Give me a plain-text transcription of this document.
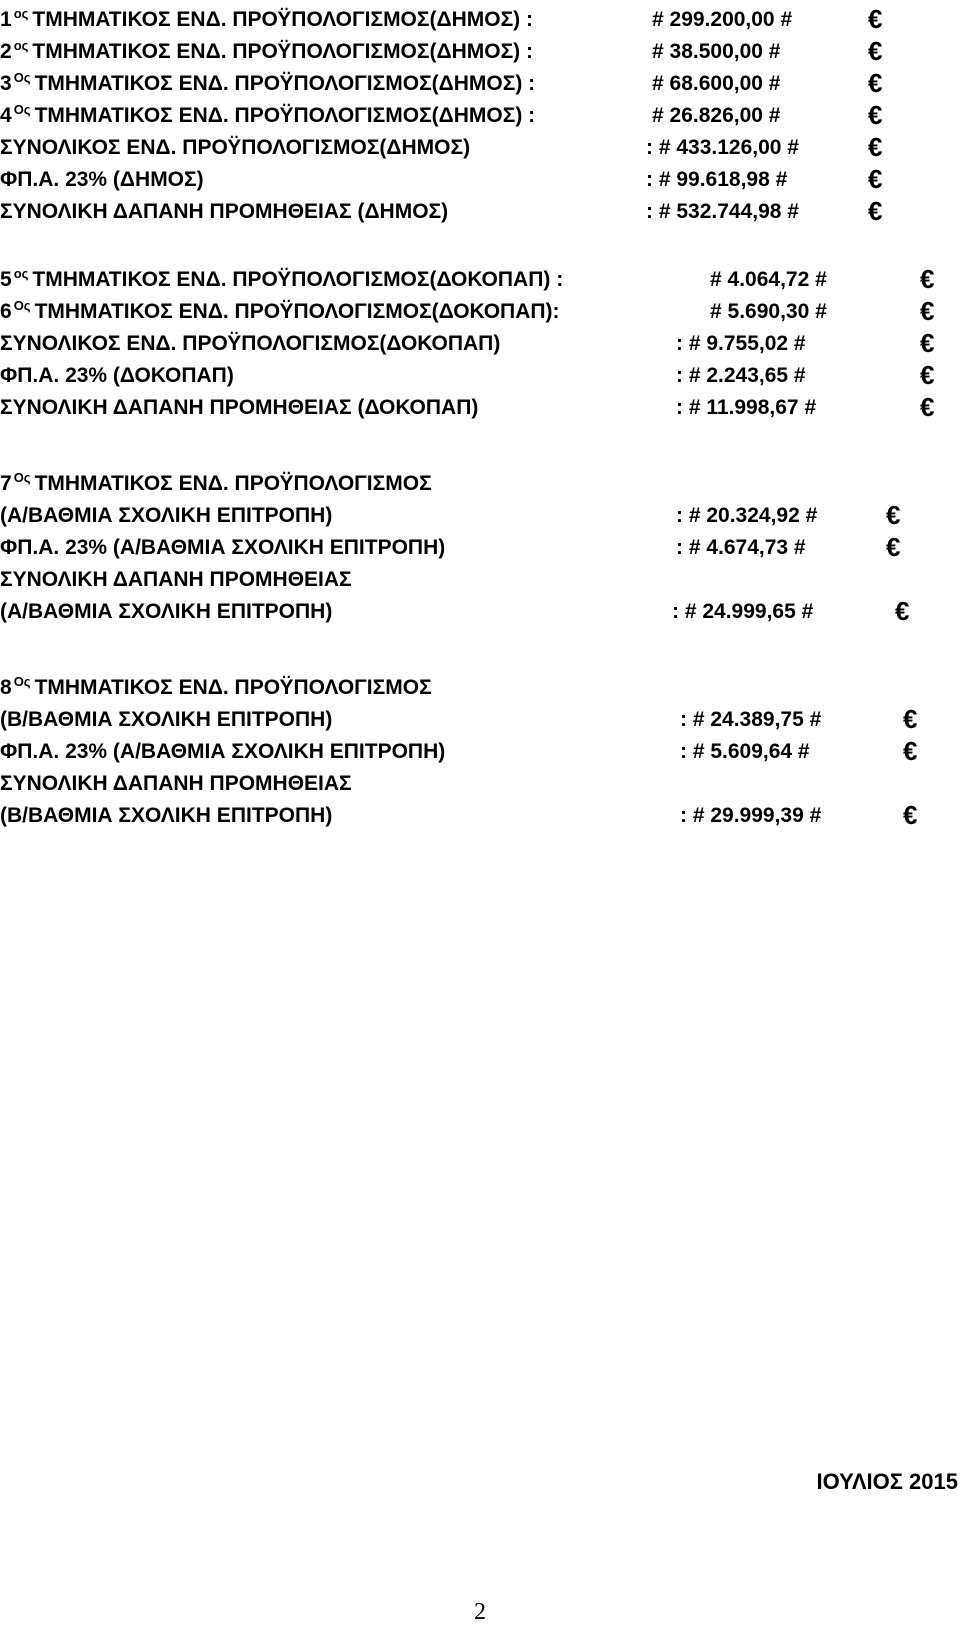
1 $^{o\varsigma}$ ΤΜΗΜΑΤΙΚΟΣ ΕΝΔ. ΠΡΟΫΠΟΛΟΓΙΣΜΟΣ(ΔΗΜΟΣ) :	# 299.200,00 #	€
2 $^{o\varsigma}$ ΤΜΗΜΑΤΙΚΟΣ ΕΝΔ. ΠΡΟΫΠΟΛΟΓΙΣΜΟΣ(ΔΗΜΟΣ) :	# 38.500,00 #	€
3 $^{O\varsigma}$ ΤΜΗΜΑΤΙΚΟΣ ΕΝΔ. ΠΡΟΫΠΟΛΟΓΙΣΜΟΣ(ΔΗΜΟΣ) :	# 68.600,00 #	€
4 $^{O\varsigma}$ ΤΜΗΜΑΤΙΚΟΣ ΕΝΔ. ΠΡΟΫΠΟΛΟΓΙΣΜΟΣ(ΔΗΜΟΣ) :	# 26.826,00 #	€
ΣΥΝΟΛΙΚΟΣ ΕΝΔ. ΠΡΟΫΠΟΛΟΓΙΣΜΟΣ(ΔΗΜΟΣ)	: # 433.126,00 #	€
ΦΠ.Α. 23% (ΔΗΜΟΣ)	: # 99.618,98 #	€
ΣΥΝΟΛΙΚΗ ΔΑΠΑΝΗ ΠΡΟΜΗΘΕΙΑΣ (ΔΗΜΟΣ)	: # 532.744,98 #	€
5 $^{o\varsigma}$ ΤΜΗΜΑΤΙΚΟΣ ΕΝΔ. ΠΡΟΫΠΟΛΟΓΙΣΜΟΣ(ΔΟΚΟΠΑΠ) :	# 4.064,72 #	€
6 $^{O\varsigma}$ ΤΜΗΜΑΤΙΚΟΣ ΕΝΔ. ΠΡΟΫΠΟΛΟΓΙΣΜΟΣ(ΔΟΚΟΠΑΠ):	# 5.690,30 #	€
ΣΥΝΟΛΙΚΟΣ ΕΝΔ. ΠΡΟΫΠΟΛΟΓΙΣΜΟΣ(ΔΟΚΟΠΑΠ)	: # 9.755,02 #	€
ΦΠ.Α. 23% (ΔΟΚΟΠΑΠ)	: # 2.243,65 #	€
ΣΥΝΟΛΙΚΗ ΔΑΠΑΝΗ ΠΡΟΜΗΘΕΙΑΣ (ΔΟΚΟΠΑΠ)	: # 11.998,67 #	€
7 $^{O\varsigma}$ ΤΜΗΜΑΤΙΚΟΣ ΕΝΔ. ΠΡΟΫΠΟΛΟΓΙΣΜΟΣ
(Α/ΒΑΘΜΙΑ ΣΧΟΛΙΚΗ ΕΠΙΤΡΟΠΗ)	: # 20.324,92 #	€
ΦΠ.Α. 23% (Α/ΒΑΘΜΙΑ ΣΧΟΛΙΚΗ ΕΠΙΤΡΟΠΗ)	: # 4.674,73 #	€
ΣΥΝΟΛΙΚΗ ΔΑΠΑΝΗ ΠΡΟΜΗΘΕΙΑΣ
(Α/ΒΑΘΜΙΑ ΣΧΟΛΙΚΗ ΕΠΙΤΡΟΠΗ)	: # 24.999,65 #	€
8 $^{O\varsigma}$ ΤΜΗΜΑΤΙΚΟΣ ΕΝΔ. ΠΡΟΫΠΟΛΟΓΙΣΜΟΣ
(Β/ΒΑΘΜΙΑ ΣΧΟΛΙΚΗ ΕΠΙΤΡΟΠΗ)	: # 24.389,75 #	€
ΦΠ.Α. 23% (Α/ΒΑΘΜΙΑ ΣΧΟΛΙΚΗ ΕΠΙΤΡΟΠΗ)	: # 5.609,64 #	€
ΣΥΝΟΛΙΚΗ ΔΑΠΑΝΗ ΠΡΟΜΗΘΕΙΑΣ
(Β/ΒΑΘΜΙΑ ΣΧΟΛΙΚΗ ΕΠΙΤΡΟΠΗ)	: # 29.999,39 #	€
ΙΟΥΛΙΟΣ 2015
2
